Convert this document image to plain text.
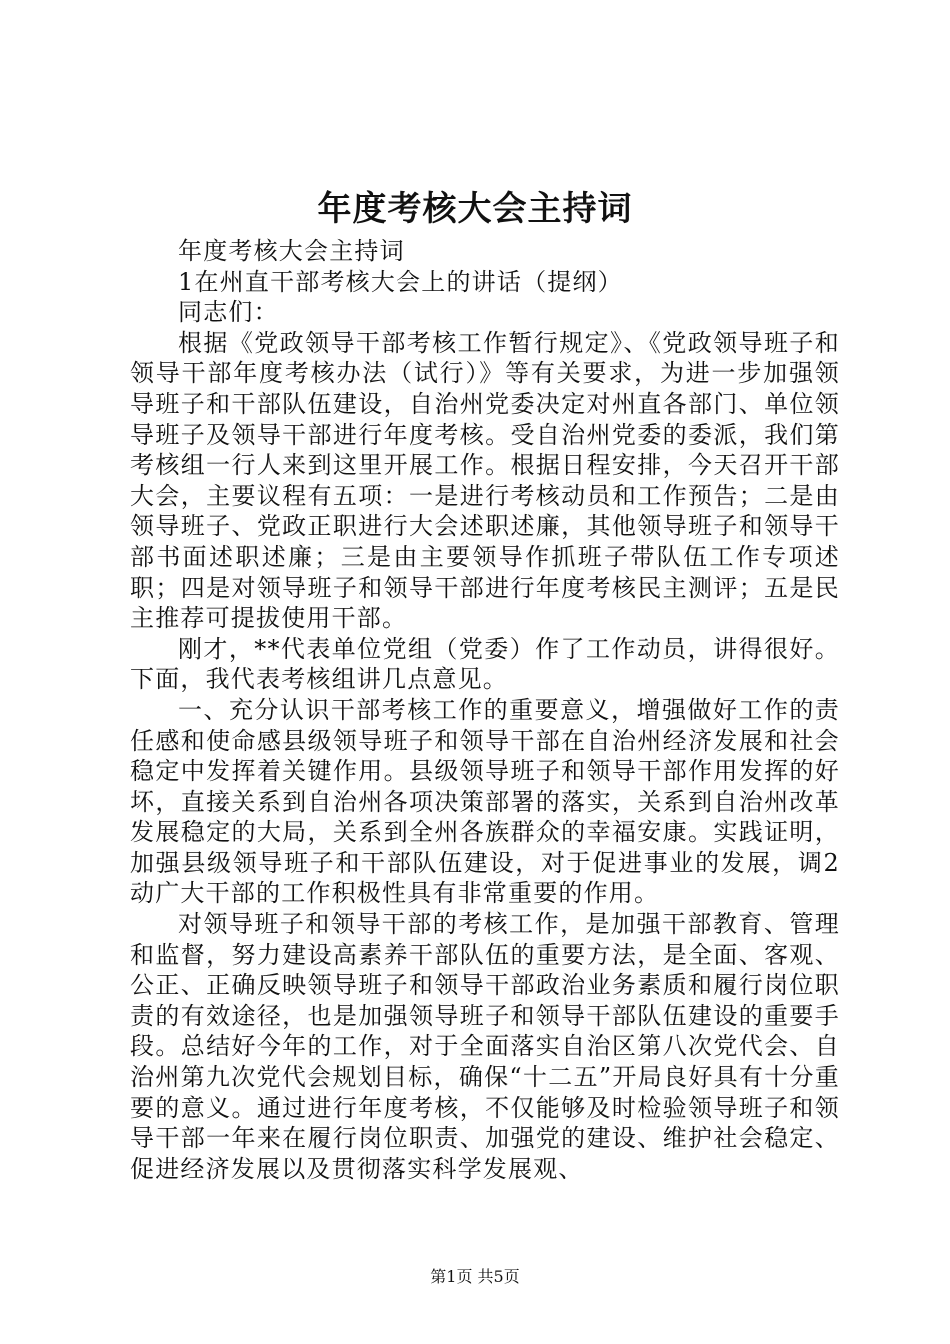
年度考核大会主持词

年度考核大会主持词

1在州直干部考核大会上的讲话（提纲）

同志们：

根据《党政领导干部考核工作暂行规定》、《党政领导班子和领导干部年度考核办法（试行）》等有关要求，为进一步加强领导班子和干部队伍建设，自治州党委决定对州直各部门、单位领导班子及领导干部进行年度考核。受自治州党委的委派，我们第考核组一行人来到这里开展工作。根据日程安排，今天召开干部大会，主要议程有五项：一是进行考核动员和工作预告；二是由领导班子、党政正职进行大会述职述廉，其他领导班子和领导干部书面述职述廉；三是由主要领导作抓班子带队伍工作专项述职；四是对领导班子和领导干部进行年度考核民主测评；五是民主推荐可提拔使用干部。

刚才，**代表单位党组（党委）作了工作动员，讲得很好。下面，我代表考核组讲几点意见。

一、充分认识干部考核工作的重要意义，增强做好工作的责任感和使命感县级领导班子和领导干部在自治州经济发展和社会稳定中发挥着关键作用。县级领导班子和领导干部作用发挥的好坏，直接关系到自治州各项决策部署的落实，关系到自治州改革发展稳定的大局，关系到全州各族群众的幸福安康。实践证明，加强县级领导班子和干部队伍建设，对于促进事业的发展，调2动广大干部的工作积极性具有非常重要的作用。

对领导班子和领导干部的考核工作，是加强干部教育、管理和监督，努力建设高素养干部队伍的重要方法，是全面、客观、公正、正确反映领导班子和领导干部政治业务素质和履行岗位职责的有效途径，也是加强领导班子和领导干部队伍建设的重要手段。总结好今年的工作，对于全面落实自治区第八次党代会、自治州第九次党代会规划目标，确保“十二五”开局良好具有十分重要的意义。通过进行年度考核，不仅能够及时检验领导班子和领导干部一年来在履行岗位职责、加强党的建设、维护社会稳定、促进经济发展以及贯彻落实科学发展观、

第1页 共5页
